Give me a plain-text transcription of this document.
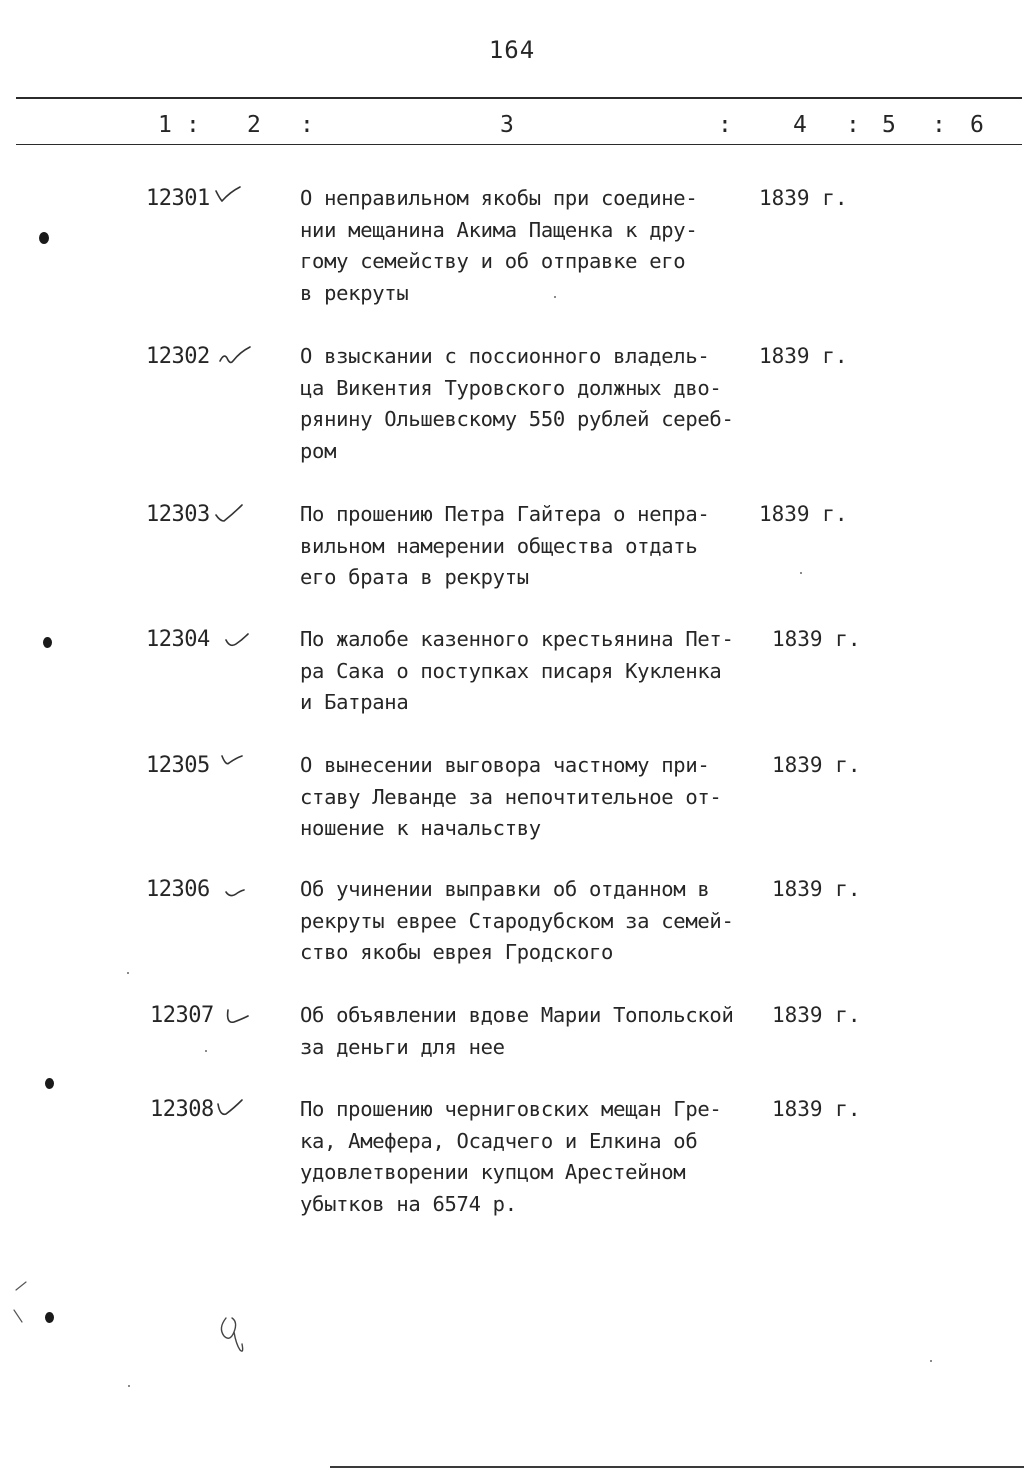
164
1 : 2 :	3	:	4 : 5 : 6
12301	О неправильном якобы при соедине-
нии мещанина Акима Пащенка к дру-
гому семейству и об отправке его
в рекруты
1839 г.
12302	О взыскании с поссионного владель-
ца Викентия Туровского должных дво-
рянину Ольшевскому 550 рублей сереб-
ром
1839 г.
12303	По прошению Петра Гайтера о непра-
вильном намерении общества отдать
его брата в рекруты
1839 г.
12304	По жалобе казенного крестьянина Пет-
ра Сака о поступках писаря Кукленка
и Батрана
1839 г.
12305	О вынесении выговора частному при-
ставу Леванде за непочтительное от-
ношение к начальству
1839 г.
12306	Об учинении выправки об отданном в
рекруты еврее Стародубском за семей-
ство якобы еврея Гродского
1839 г.
12307	Об объявлении вдове Марии Топольской
за деньги для нее
1839 г.
12308	По прошению черниговских мещан Гре-
ка, Амефера, Осадчего и Елкина об
удовлетворении купцом Арестейном
убытков на 6574 р.
1839 г.
